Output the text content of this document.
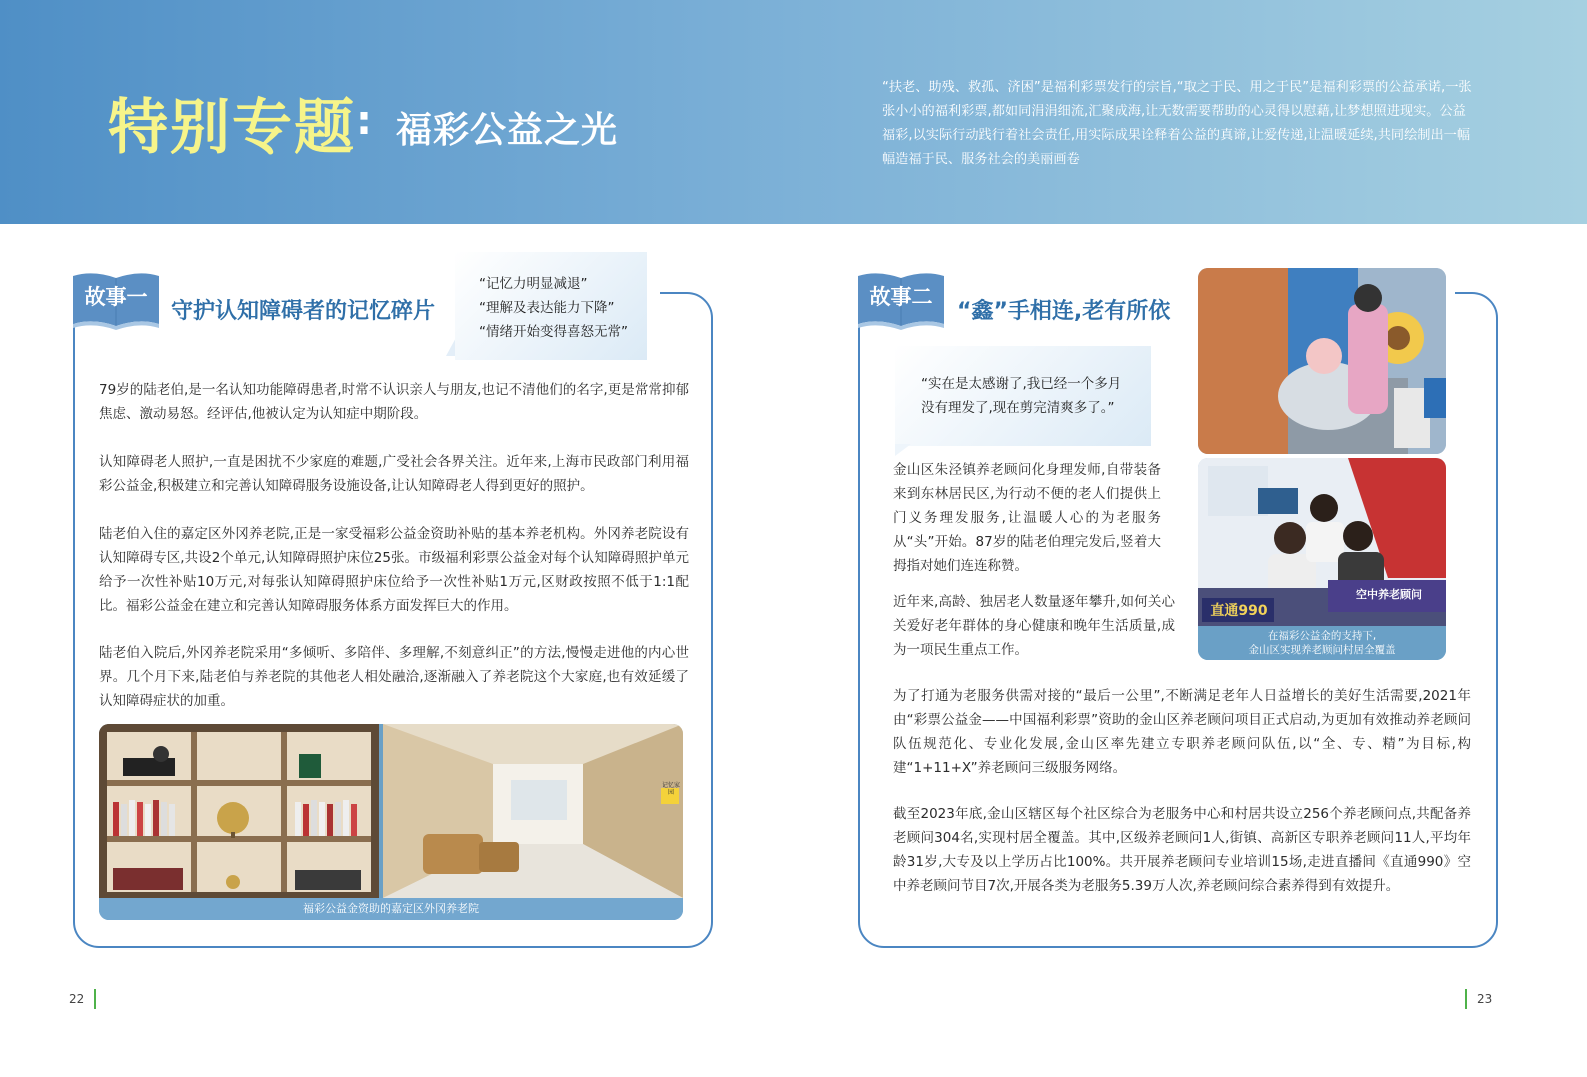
特别专题 : 福彩公益之光
“扶老、助残、救孤、济困”是福利彩票发行的宗旨,“取之于民、用之于民”是福利彩票的公益承诺,一张张小小的福利彩票,都如同涓涓细流,汇聚成海,让无数需要帮助的心灵得以慰藉,让梦想照进现实。公益福彩,以实际行动践行着社会责任,用实际成果诠释着公益的真谛,让爱传递,让温暖延续,共同绘制出一幅幅造福于民、服务社会的美丽画卷
故事一
守护认知障碍者的记忆碎片
“记忆力明显减退”
“理解及表达能力下降”
“情绪开始变得喜怒无常”
79岁的陆老伯,是一名认知功能障碍患者,时常不认识亲人与朋友,也记不清他们的名字,更是常常抑郁焦虑、激动易怒。经评估,他被认定为认知症中期阶段。
认知障碍老人照护,一直是困扰不少家庭的难题,广受社会各界关注。近年来,上海市民政部门利用福彩公益金,积极建立和完善认知障碍服务设施设备,让认知障碍老人得到更好的照护。
陆老伯入住的嘉定区外冈养老院,正是一家受福彩公益金资助补贴的基本养老机构。外冈养老院设有认知障碍专区,共设2个单元,认知障碍照护床位25张。市级福利彩票公益金对每个认知障碍照护单元给予一次性补贴10万元,对每张认知障碍照护床位给予一次性补贴1万元,区财政按照不低于1:1配比。福彩公益金在建立和完善认知障碍服务体系方面发挥巨大的作用。
陆老伯入院后,外冈养老院采用“多倾听、多陪伴、多理解,不刻意纠正”的方法,慢慢走进他的内心世界。几个月下来,陆老伯与养老院的其他老人相处融洽,逐渐融入了养老院这个大家庭,也有效延缓了认知障碍症状的加重。
记忆家园
福彩公益金资助的嘉定区外冈养老院
故事二
“鑫”手相连,老有所依
“实在是太感谢了,我已经一个多月
没有理发了,现在剪完清爽多了。”
金山区朱泾镇养老顾问化身理发师,自带装备来到东林居民区,为行动不便的老人们提供上门义务理发服务,让温暖人心的为老服务从“头”开始。87岁的陆老伯理完发后,竖着大拇指对她们连连称赞。
近年来,高龄、独居老人数量逐年攀升,如何关心关爱好老年群体的身心健康和晚年生活质量,成为一项民生重点工作。
为了打通为老服务供需对接的“最后一公里”,不断满足老年人日益增长的美好生活需要,2021年由“彩票公益金——中国福利彩票”资助的金山区养老顾问项目正式启动,为更加有效推动养老顾问队伍规范化、专业化发展,金山区率先建立专职养老顾问队伍,以“全、专、精”为目标,构建“1+11+X”养老顾问三级服务网络。
截至2023年底,金山区辖区每个社区综合为老服务中心和村居共设立256个养老顾问点,共配备养老顾问304名,实现村居全覆盖。其中,区级养老顾问1人,街镇、高新区专职养老顾问11人,平均年龄31岁,大专及以上学历占比100%。共开展养老顾问专业培训15场,走进直播间《直通990》空中养老顾问节目7次,开展各类为老服务5.39万人次,养老顾问综合素养得到有效提升。
直通990
空中养老顾问
在福彩公益金的支持下,
金山区实现养老顾问村居全覆盖
22	23
